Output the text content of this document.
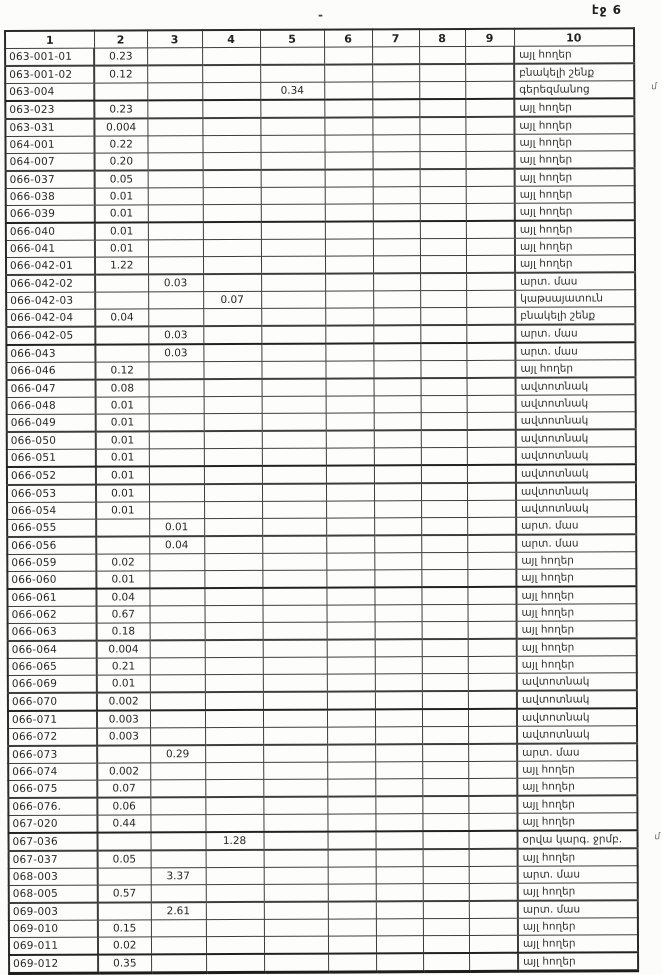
էջ 6
-
1	2	3	4	5	6	7	8	9	10
063-001-01	0.23								այլ հողեր
063-001-02	0.12								բնակելի շենք
063-004				0.34					գերեզմանոց մ

063-023	0.23								այլ հողեր
063-031	0.004								այլ հողեր
064-001	0.22								այլ հողեր
064-007	0.20								այլ հողեր
066-037	0.05								այլ հողեր
066-038	0.01								այլ հողեր
066-039	0.01								այլ հողեր
066-040	0.01								այլ հողեր
066-041	0.01								այլ հողեր
066-042-01	1.22								այլ հողեր
066-042-02		0.03							արտ. մաս
066-042-03			0.07						կաթսայատուն
066-042-04	0.04								բնակելի շենք
066-042-05		0.03							արտ. մաս
066-043		0.03							արտ. մաս
066-046	0.12								այլ հողեր
066-047	0.08								ավտոտնակ
066-048	0.01								ավտոտնակ
066-049	0.01								ավտոտնակ
066-050	0.01								ավտոտնակ
066-051	0.01								ավտոտնակ
066-052	0.01								ավտոտնակ
066-053	0.01								ավտոտնակ
066-054	0.01								ավտոտնակ
066-055		0.01							արտ. մաս
066-056		0.04							արտ. մաս
066-059	0.02								այլ հողեր
066-060	0.01								այլ հողեր
066-061	0.04								այլ հողեր
066-062	0.67								այլ հողեր
066-063	0.18								այլ հողեր
066-064	0.004								այլ հողեր
066-065	0.21								այլ հողեր
066-069	0.01								ավտոտնակ
066-070	0.002								ավտոտնակ
066-071	0.003								ավտոտնակ
066-072	0.003								ավտոտնակ
066-073		0.29							արտ. մաս
066-074	0.002								այլ հողեր
066-075	0.07								այլ հողեր
066-076.	0.06								այլ հողեր
067-020	0.44								այլ հողեր
067-036			1.28						օրվա կարգ. ջրմբ. մ

067-037	0.05								այլ հողեր
068-003		3.37							արտ. մաս
068-005	0.57								այլ հողեր
069-003		2.61							արտ. մաս
069-010	0.15								այլ հողեր
069-011	0.02								այլ հողեր
069-012	0.35								այլ հողեր
